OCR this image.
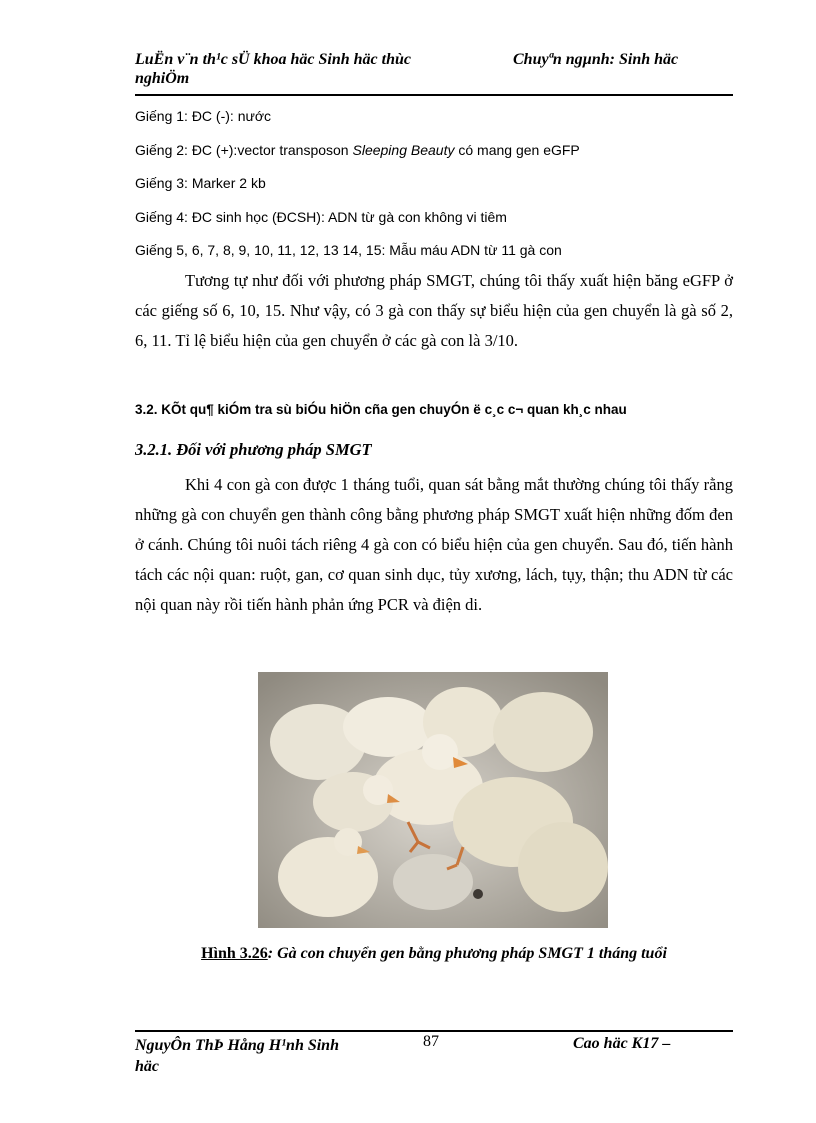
LuËn v¨n th¹c sÜ khoa häc Sinh häc thùc nghiÖm
Chuyªn ngµnh: Sinh häc
Giếng 1: ĐC (-): nước
Giếng 2: ĐC (+):vector transposon Sleeping Beauty có mang gen eGFP
Giếng 3: Marker 2 kb
Giếng 4: ĐC sinh học (ĐCSH): ADN từ gà con không vi tiêm
Giếng 5, 6, 7, 8, 9, 10, 11, 12, 13 14, 15: Mẫu máu ADN từ 11 gà con
Tương tự như đối với phương pháp SMGT, chúng tôi thấy xuất hiện băng eGFP ở các giếng số 6, 10, 15. Như vậy, có 3 gà con thấy sự biểu hiện của gen chuyển là gà số 2, 6, 11. Tỉ lệ biểu hiện của gen chuyển ở các gà con là 3/10.
3.2. KÕt qu¶ kiÓm tra sù biÓu hiÖn cña gen chuyÓn ë c¸c c¬ quan kh¸c nhau
3.2.1. Đối với phương pháp SMGT
Khi 4 con gà con được 1 tháng tuổi, quan sát bằng mắt thường chúng tôi thấy rằng những gà con chuyển gen thành công bằng phương pháp SMGT xuất hiện những đốm đen ở cánh. Chúng tôi nuôi tách riêng 4 gà con có biểu hiện của gen chuyển. Sau đó, tiến hành tách các nội quan: ruột, gan, cơ quan sinh dục, tủy xương, lách, tụy, thận; thu ADN từ các nội quan này rồi tiến hành phản ứng PCR và điện di.
Hình 3.26: Gà con chuyển gen bằng phương pháp SMGT 1 tháng tuổi
NguyÔn ThÞ Hång H¹nh Sinh häc
87	Cao häc K17 –
